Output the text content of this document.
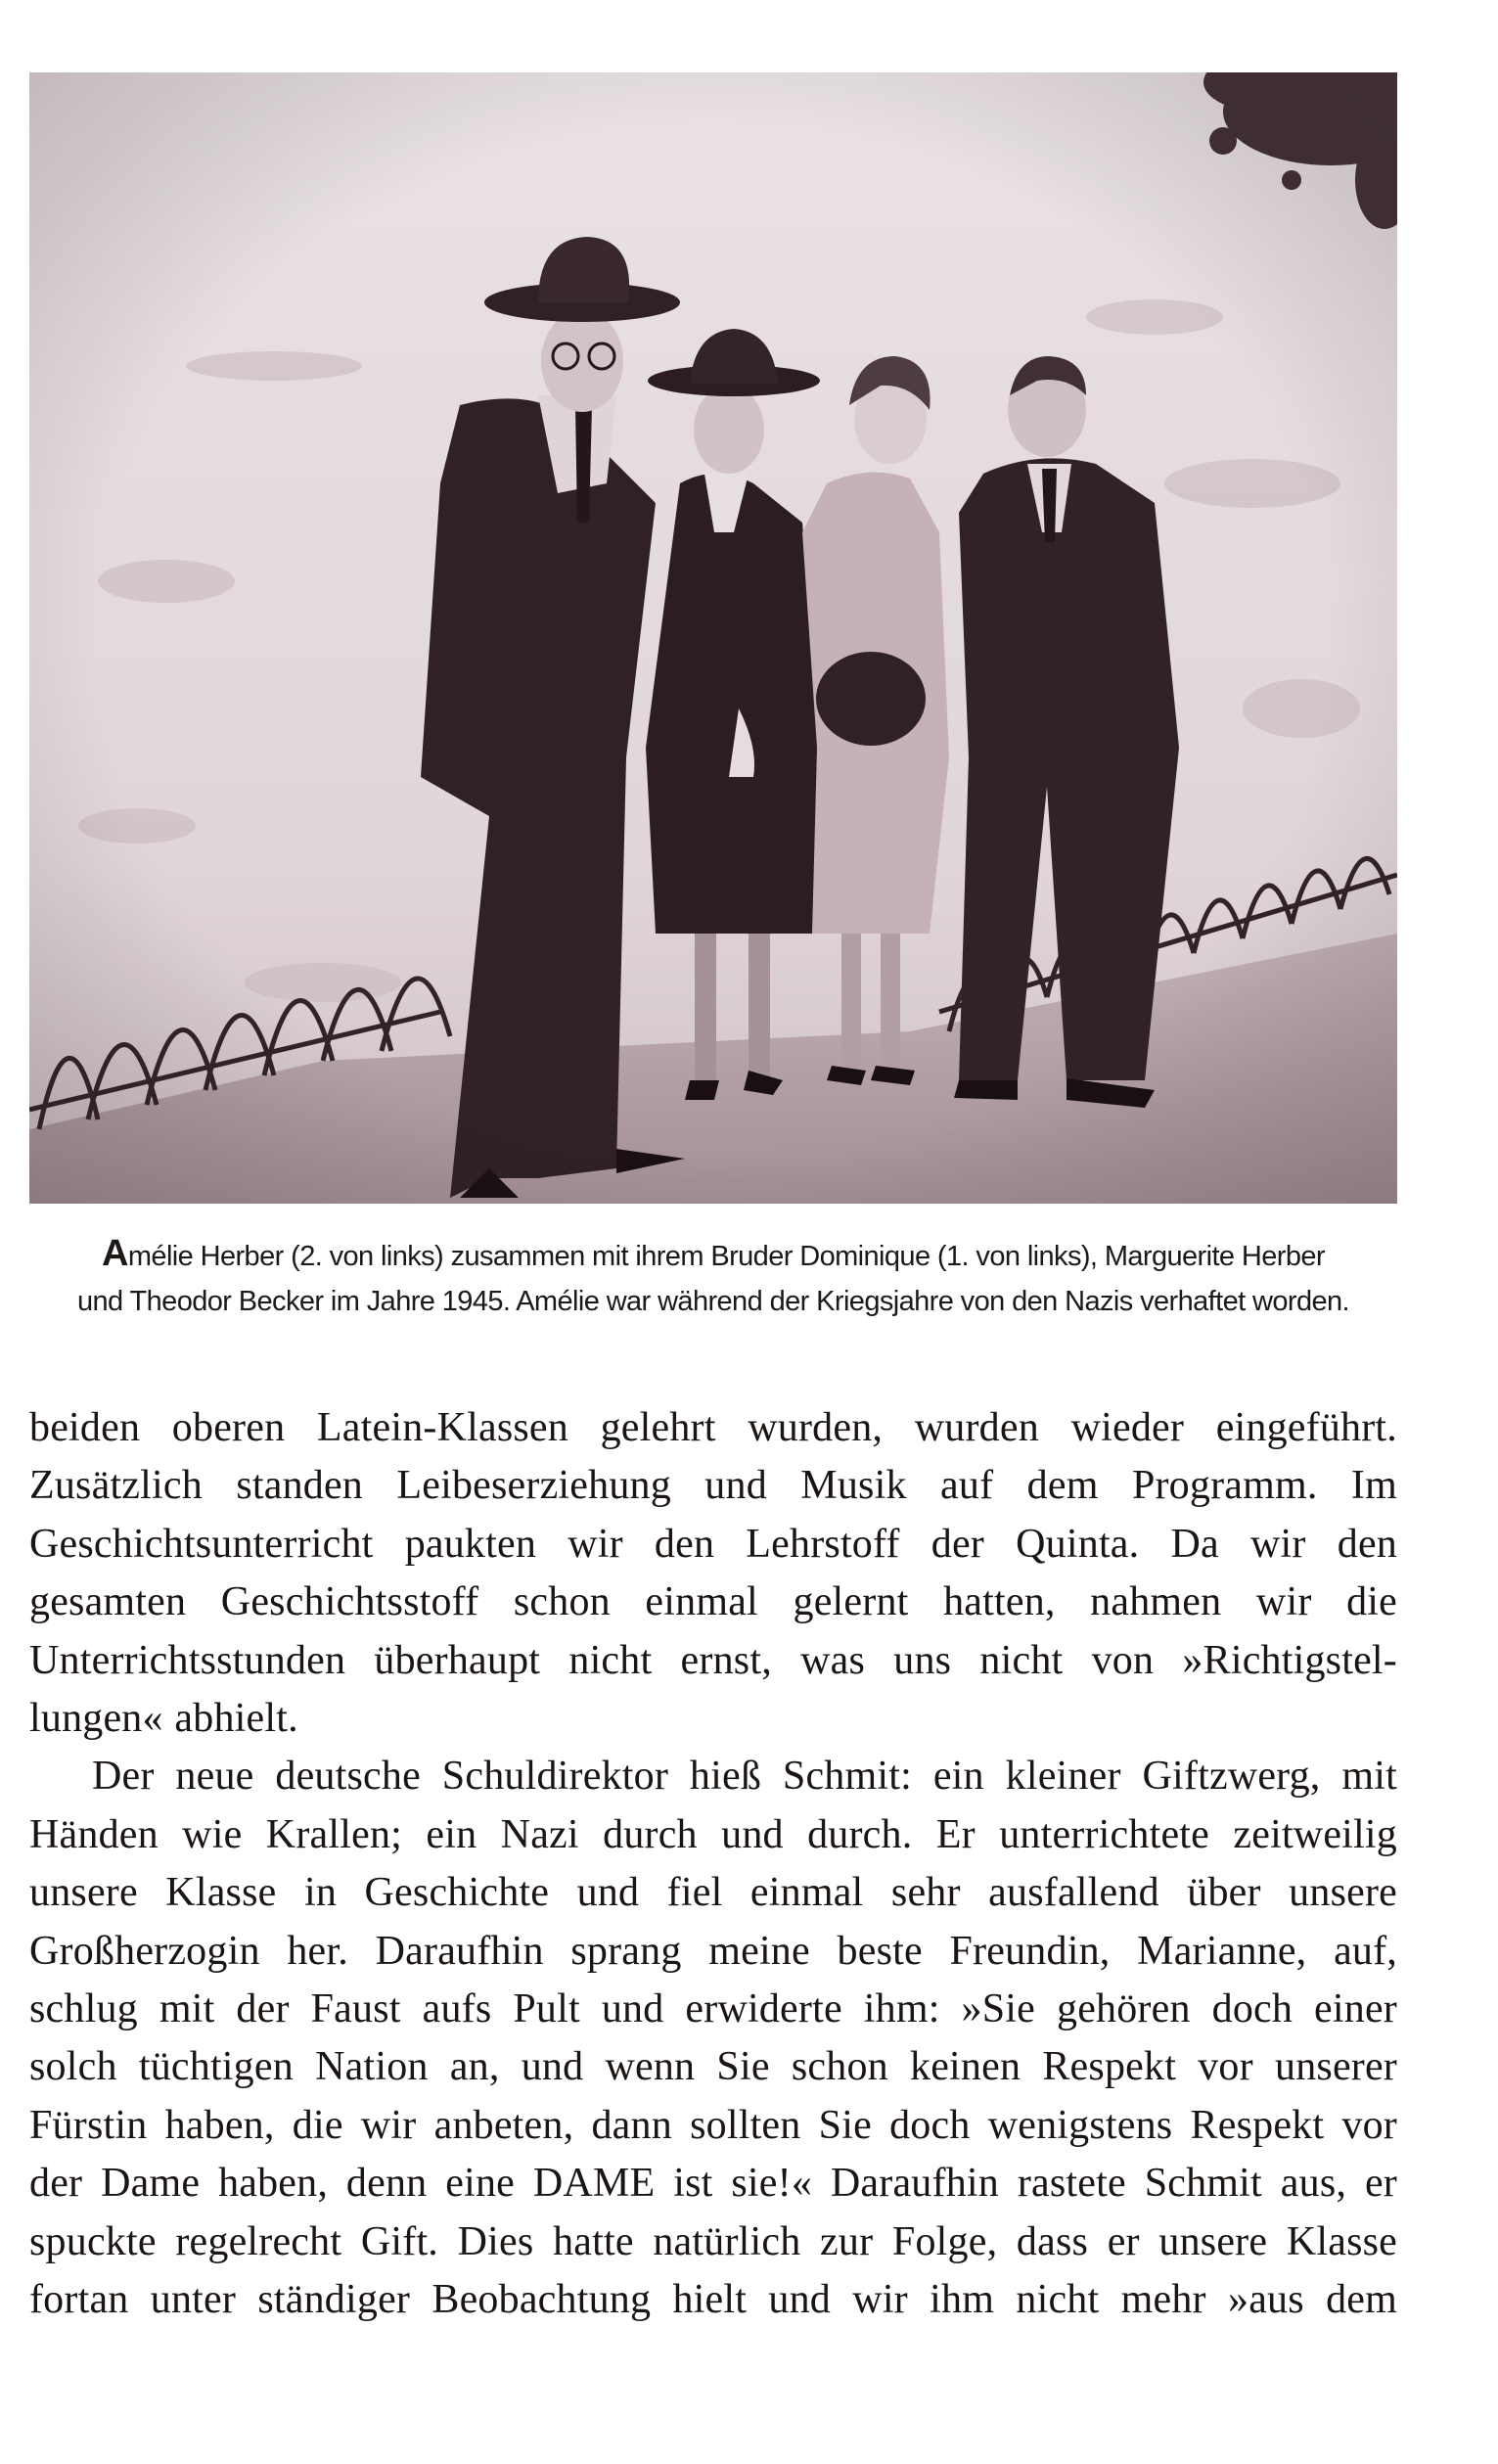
Amélie Herber (2. von links) zusammen mit ihrem Bruder Dominique (1. von links), Marguerite Herber
und Theodor Becker im Jahre 1945. Amélie war während der Kriegsjahre von den Nazis verhaftet worden.
beiden oberen Latein-Klassen gelehrt wurden, wurden wieder eingeführt.
Zusätzlich standen Leibeserziehung und Musik auf dem Programm. Im
Geschichtsunterricht paukten wir den Lehrstoff der Quinta. Da wir den
gesamten Geschichtsstoff schon einmal gelernt hatten, nahmen wir die
Unterrichtsstunden überhaupt nicht ernst, was uns nicht von »Richtigstel-
lungen« abhielt.
Der neue deutsche Schuldirektor hieß Schmit: ein kleiner Giftzwerg, mit
Händen wie Krallen; ein Nazi durch und durch. Er unterrichtete zeitweilig
unsere Klasse in Geschichte und fiel einmal sehr ausfallend über unsere
Großherzogin her. Daraufhin sprang meine beste Freundin, Marianne, auf,
schlug mit der Faust aufs Pult und erwiderte ihm: »Sie gehören doch einer
solch tüchtigen Nation an, und wenn Sie schon keinen Respekt vor unserer
Fürstin haben, die wir anbeten, dann sollten Sie doch wenigstens Respekt vor
der Dame haben, denn eine DAME ist sie!« Daraufhin rastete Schmit aus, er
spuckte regelrecht Gift. Dies hatte natürlich zur Folge, dass er unsere Klasse
fortan unter ständiger Beobachtung hielt und wir ihm nicht mehr »aus dem
